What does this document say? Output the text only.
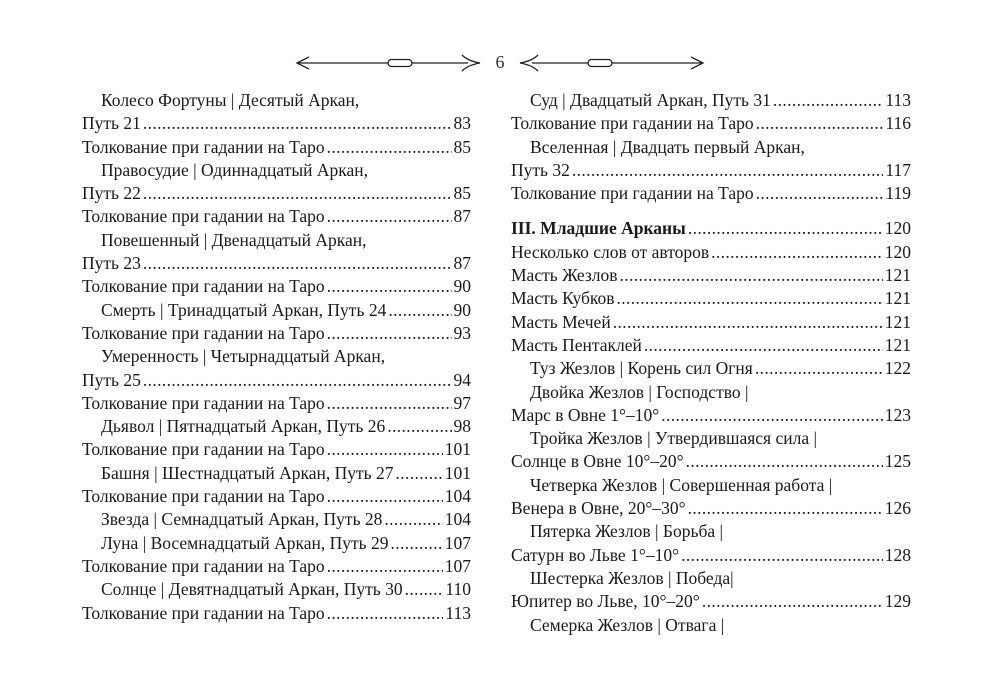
6
Колесо Фортуны | Десятый Аркан,
Путь 21 . . .	83
Толкование при гадании на Таро . . .	85
Правосудие | Одиннадцатый Аркан,
Путь 22 . . .	85
Толкование при гадании на Таро . . .	87
Повешенный | Двенадцатый Аркан,
Путь 23 . . .	87
Толкование при гадании на Таро . . .	90
Смерть | Тринадцатый Аркан, Путь 24 . . .	90
Толкование при гадании на Таро . . .	93
Умеренность | Четырнадцатый Аркан,
Путь 25 . . .	94
Толкование при гадании на Таро . . .	97
Дьявол | Пятнадцатый Аркан, Путь 26 . . .	98
Толкование при гадании на Таро . . .	101
Башня | Шестнадцатый Аркан, Путь 27 . . .	101
Толкование при гадании на Таро . . .	104
Звезда | Семнадцатый Аркан, Путь 28 . . .	104
Луна | Восемнадцатый Аркан, Путь 29 . . .	107
Толкование при гадании на Таро . . .	107
Солнце | Девятнадцатый Аркан, Путь 30 . . . 110
Толкование при гадании на Таро . . .	113
Суд | Двадцатый Аркан, Путь 31 . . .	113
Толкование при гадании на Таро . . .	116
Вселенная | Двадцать первый Аркан,
Путь 32 . . .	117
Толкование при гадании на Таро . . .	119
III. Младшие Арканы . . .	120
Несколько слов от авторов . . .	120
Масть Жезлов . . .	121
Масть Кубков . . .	121
Масть Мечей . . .	121
Масть Пентаклей . . .	121
Туз Жезлов | Корень сил Огня . . .	122
Двойка Жезлов | Господство |
Марс в Овне 1°–10° . . .	123
Тройка Жезлов | Утвердившаяся сила |
Солнце в Овне 10°–20° . . .	125
Четверка Жезлов | Совершенная работа |
Венера в Овне, 20°–30° . . .	126
Пятерка Жезлов | Борьба |
Сатурн во Льве 1°–10° . . .	128
Шестерка Жезлов | Победа|
Юпитер во Льве, 10°–20° . . .	129
Семерка Жезлов | Отвага |
